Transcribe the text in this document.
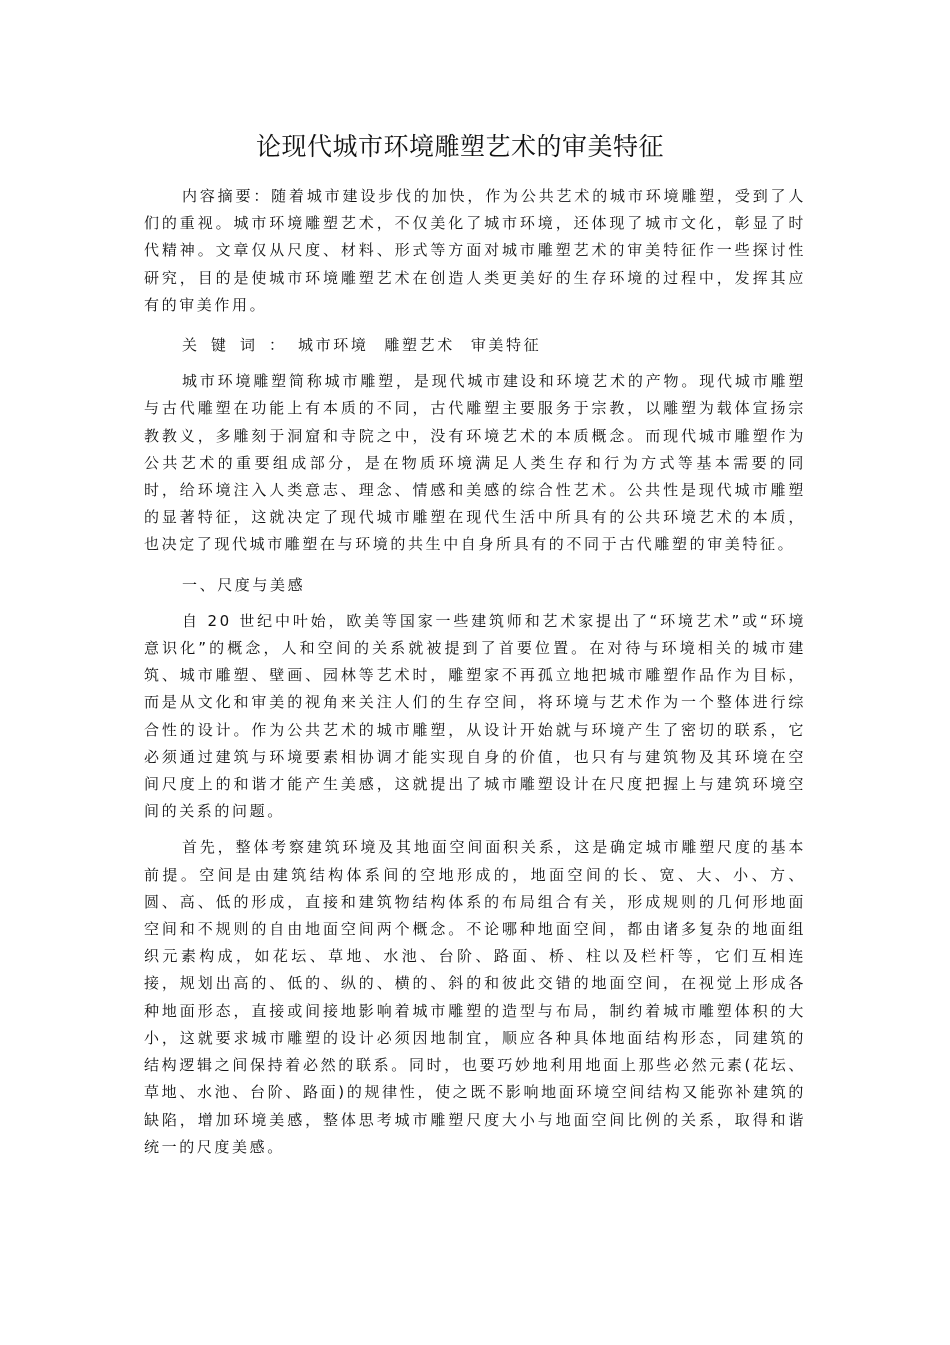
论现代城市环境雕塑艺术的审美特征

内容摘要：随着城市建设步伐的加快，作为公共艺术的城市环境雕塑，受到了人们的重视。城市环境雕塑艺术，不仅美化了城市环境，还体现了城市文化，彰显了时代精神。文章仅从尺度、材料、形式等方面对城市雕塑艺术的审美特征作一些探讨性研究，目的是使城市环境雕塑艺术在创造人类更美好的生存环境的过程中，发挥其应有的审美作用。

关键词：城市环境 雕塑艺术 审美特征

城市环境雕塑简称城市雕塑，是现代城市建设和环境艺术的产物。现代城市雕塑与古代雕塑在功能上有本质的不同，古代雕塑主要服务于宗教，以雕塑为载体宣扬宗教教义，多雕刻于洞窟和寺院之中，没有环境艺术的本质概念。而现代城市雕塑作为公共艺术的重要组成部分，是在物质环境满足人类生存和行为方式等基本需要的同时，给环境注入人类意志、理念、情感和美感的综合性艺术。公共性是现代城市雕塑的显著特征，这就决定了现代城市雕塑在现代生活中所具有的公共环境艺术的本质，也决定了现代城市雕塑在与环境的共生中自身所具有的不同于古代雕塑的审美特征。

一、尺度与美感

自 20 世纪中叶始，欧美等国家一些建筑师和艺术家提出了“环境艺术”或“环境意识化”的概念，人和空间的关系就被提到了首要位置。在对待与环境相关的城市建筑、城市雕塑、壁画、园林等艺术时，雕塑家不再孤立地把城市雕塑作品作为目标，而是从文化和审美的视角来关注人们的生存空间，将环境与艺术作为一个整体进行综合性的设计。作为公共艺术的城市雕塑，从设计开始就与环境产生了密切的联系，它必须通过建筑与环境要素相协调才能实现自身的价值，也只有与建筑物及其环境在空间尺度上的和谐才能产生美感，这就提出了城市雕塑设计在尺度把握上与建筑环境空间的关系的问题。

首先，整体考察建筑环境及其地面空间面积关系，这是确定城市雕塑尺度的基本前提。空间是由建筑结构体系间的空地形成的，地面空间的长、宽、大、小、方、圆、高、低的形成，直接和建筑物结构体系的布局组合有关，形成规则的几何形地面空间和不规则的自由地面空间两个概念。不论哪种地面空间，都由诸多复杂的地面组织元素构成，如花坛、草地、水池、台阶、路面、桥、柱以及栏杆等，它们互相连接，规划出高的、低的、纵的、横的、斜的和彼此交错的地面空间，在视觉上形成各种地面形态，直接或间接地影响着城市雕塑的造型与布局，制约着城市雕塑体积的大小，这就要求城市雕塑的设计必须因地制宜，顺应各种具体地面结构形态，同建筑的结构逻辑之间保持着必然的联系。同时，也要巧妙地利用地面上那些必然元素(花坛、草地、水池、台阶、路面)的规律性，使之既不影响地面环境空间结构又能弥补建筑的缺陷，增加环境美感，整体思考城市雕塑尺度大小与地面空间比例的关系，取得和谐统一的尺度美感。
